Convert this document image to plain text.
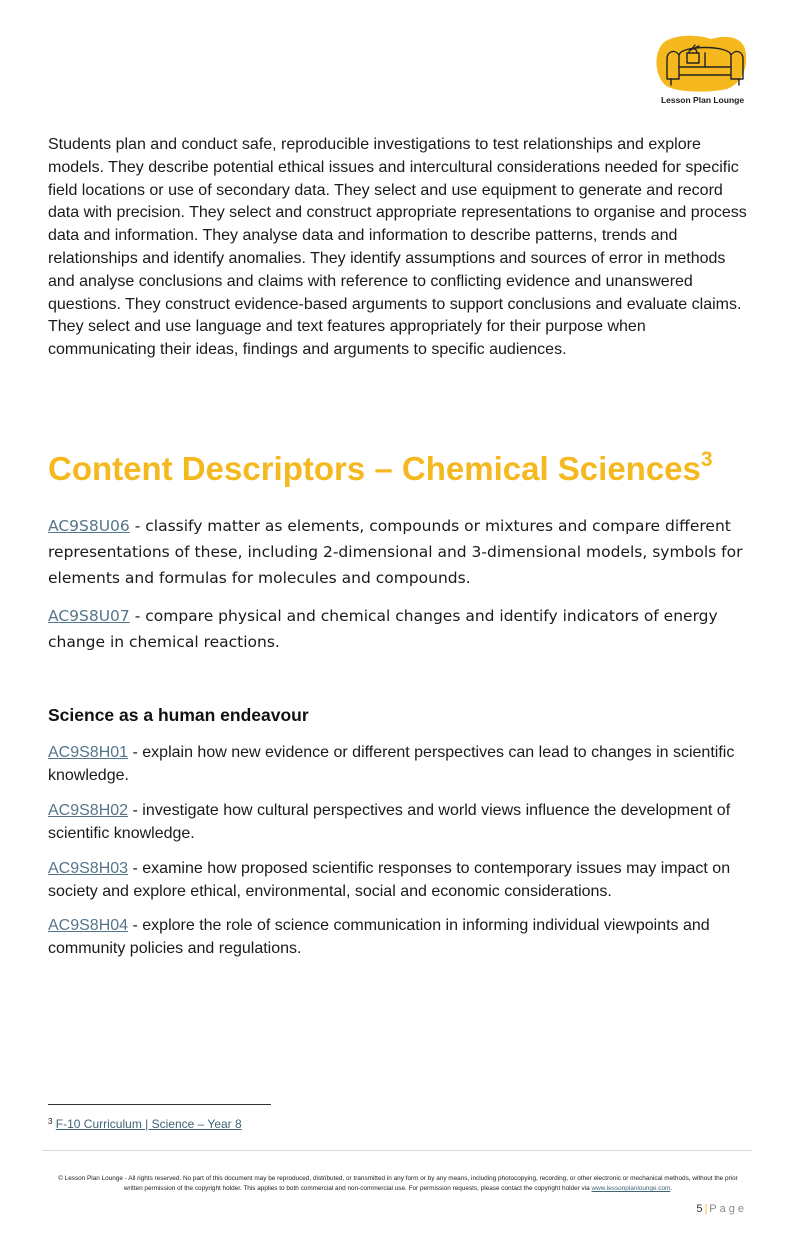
Lesson Plan Lounge

Students plan and conduct safe, reproducible investigations to test relationships and explore models. They describe potential ethical issues and intercultural considerations needed for specific field locations or use of secondary data. They select and use equipment to generate and record data with precision. They select and construct appropriate representations to organise and process data and information. They analyse data and information to describe patterns, trends and relationships and identify anomalies. They identify assumptions and sources of error in methods and analyse conclusions and claims with reference to conflicting evidence and unanswered questions. They construct evidence-based arguments to support conclusions and evaluate claims. They select and use language and text features appropriately for their purpose when communicating their ideas, findings and arguments to specific audiences.

Content Descriptors – Chemical Sciences$^3$

AC9S8U06 - classify matter as elements, compounds or mixtures and compare different representations of these, including 2-dimensional and 3-dimensional models, symbols for elements and formulas for molecules and compounds.

AC9S8U07 - compare physical and chemical changes and identify indicators of energy change in chemical reactions.

Science as a human endeavour

AC9S8H01 - explain how new evidence or different perspectives can lead to changes in scientific knowledge.

AC9S8H02 - investigate how cultural perspectives and world views influence the development of scientific knowledge.

AC9S8H03 - examine how proposed scientific responses to contemporary issues may impact on society and explore ethical, environmental, social and economic considerations.

AC9S8H04 - explore the role of science communication in informing individual viewpoints and community policies and regulations.

$^3$ F-10 Curriculum | Science – Year 8

© Lesson Plan Lounge - All rights reserved. No part of this document may be reproduced, distributed, or transmitted in any form or by any means, including photocopying, recording, or other electronic or mechanical methods, without the prior written permission of the copyright holder. This applies to both commercial and non-commercial use. For permission requests, please contact the copyright holder via www.lessonplanlounge.com.

5 | Page
